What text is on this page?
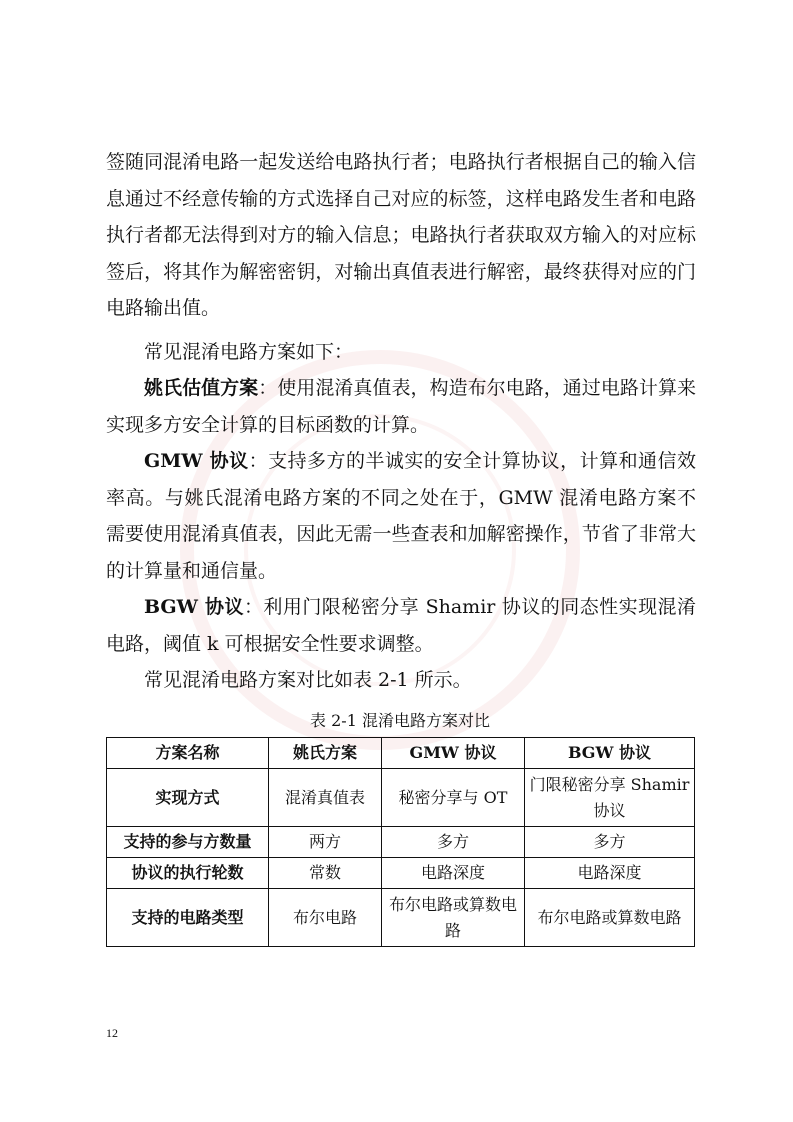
签随同混淆电路一起发送给电路执行者；电路执行者根据自己的输入信息通过不经意传输的方式选择自己对应的标签，这样电路发生者和电路执行者都无法得到对方的输入信息；电路执行者获取双方输入的对应标签后，将其作为解密密钥，对输出真值表进行解密，最终获得对应的门电路输出值。

常见混淆电路方案如下：

姚氏估值方案：使用混淆真值表，构造布尔电路，通过电路计算来实现多方安全计算的目标函数的计算。

GMW 协议：支持多方的半诚实的安全计算协议，计算和通信效率高。与姚氏混淆电路方案的不同之处在于，GMW 混淆电路方案不需要使用混淆真值表，因此无需一些查表和加解密操作，节省了非常大的计算量和通信量。

BGW 协议：利用门限秘密分享 Shamir 协议的同态性实现混淆电路，阈值 k 可根据安全性要求调整。

常见混淆电路方案对比如表 2-1 所示。

表 2-1 混淆电路方案对比
方案名称	姚氏方案	GMW 协议	BGW 协议
实现方式	混淆真值表	秘密分享与 OT	门限秘密分享 Shamir 协议
支持的参与方数量	两方	多方	多方
协议的执行轮数	常数	电路深度	电路深度
支持的电路类型	布尔电路	布尔电路或算数电路	布尔电路或算数电路
12
